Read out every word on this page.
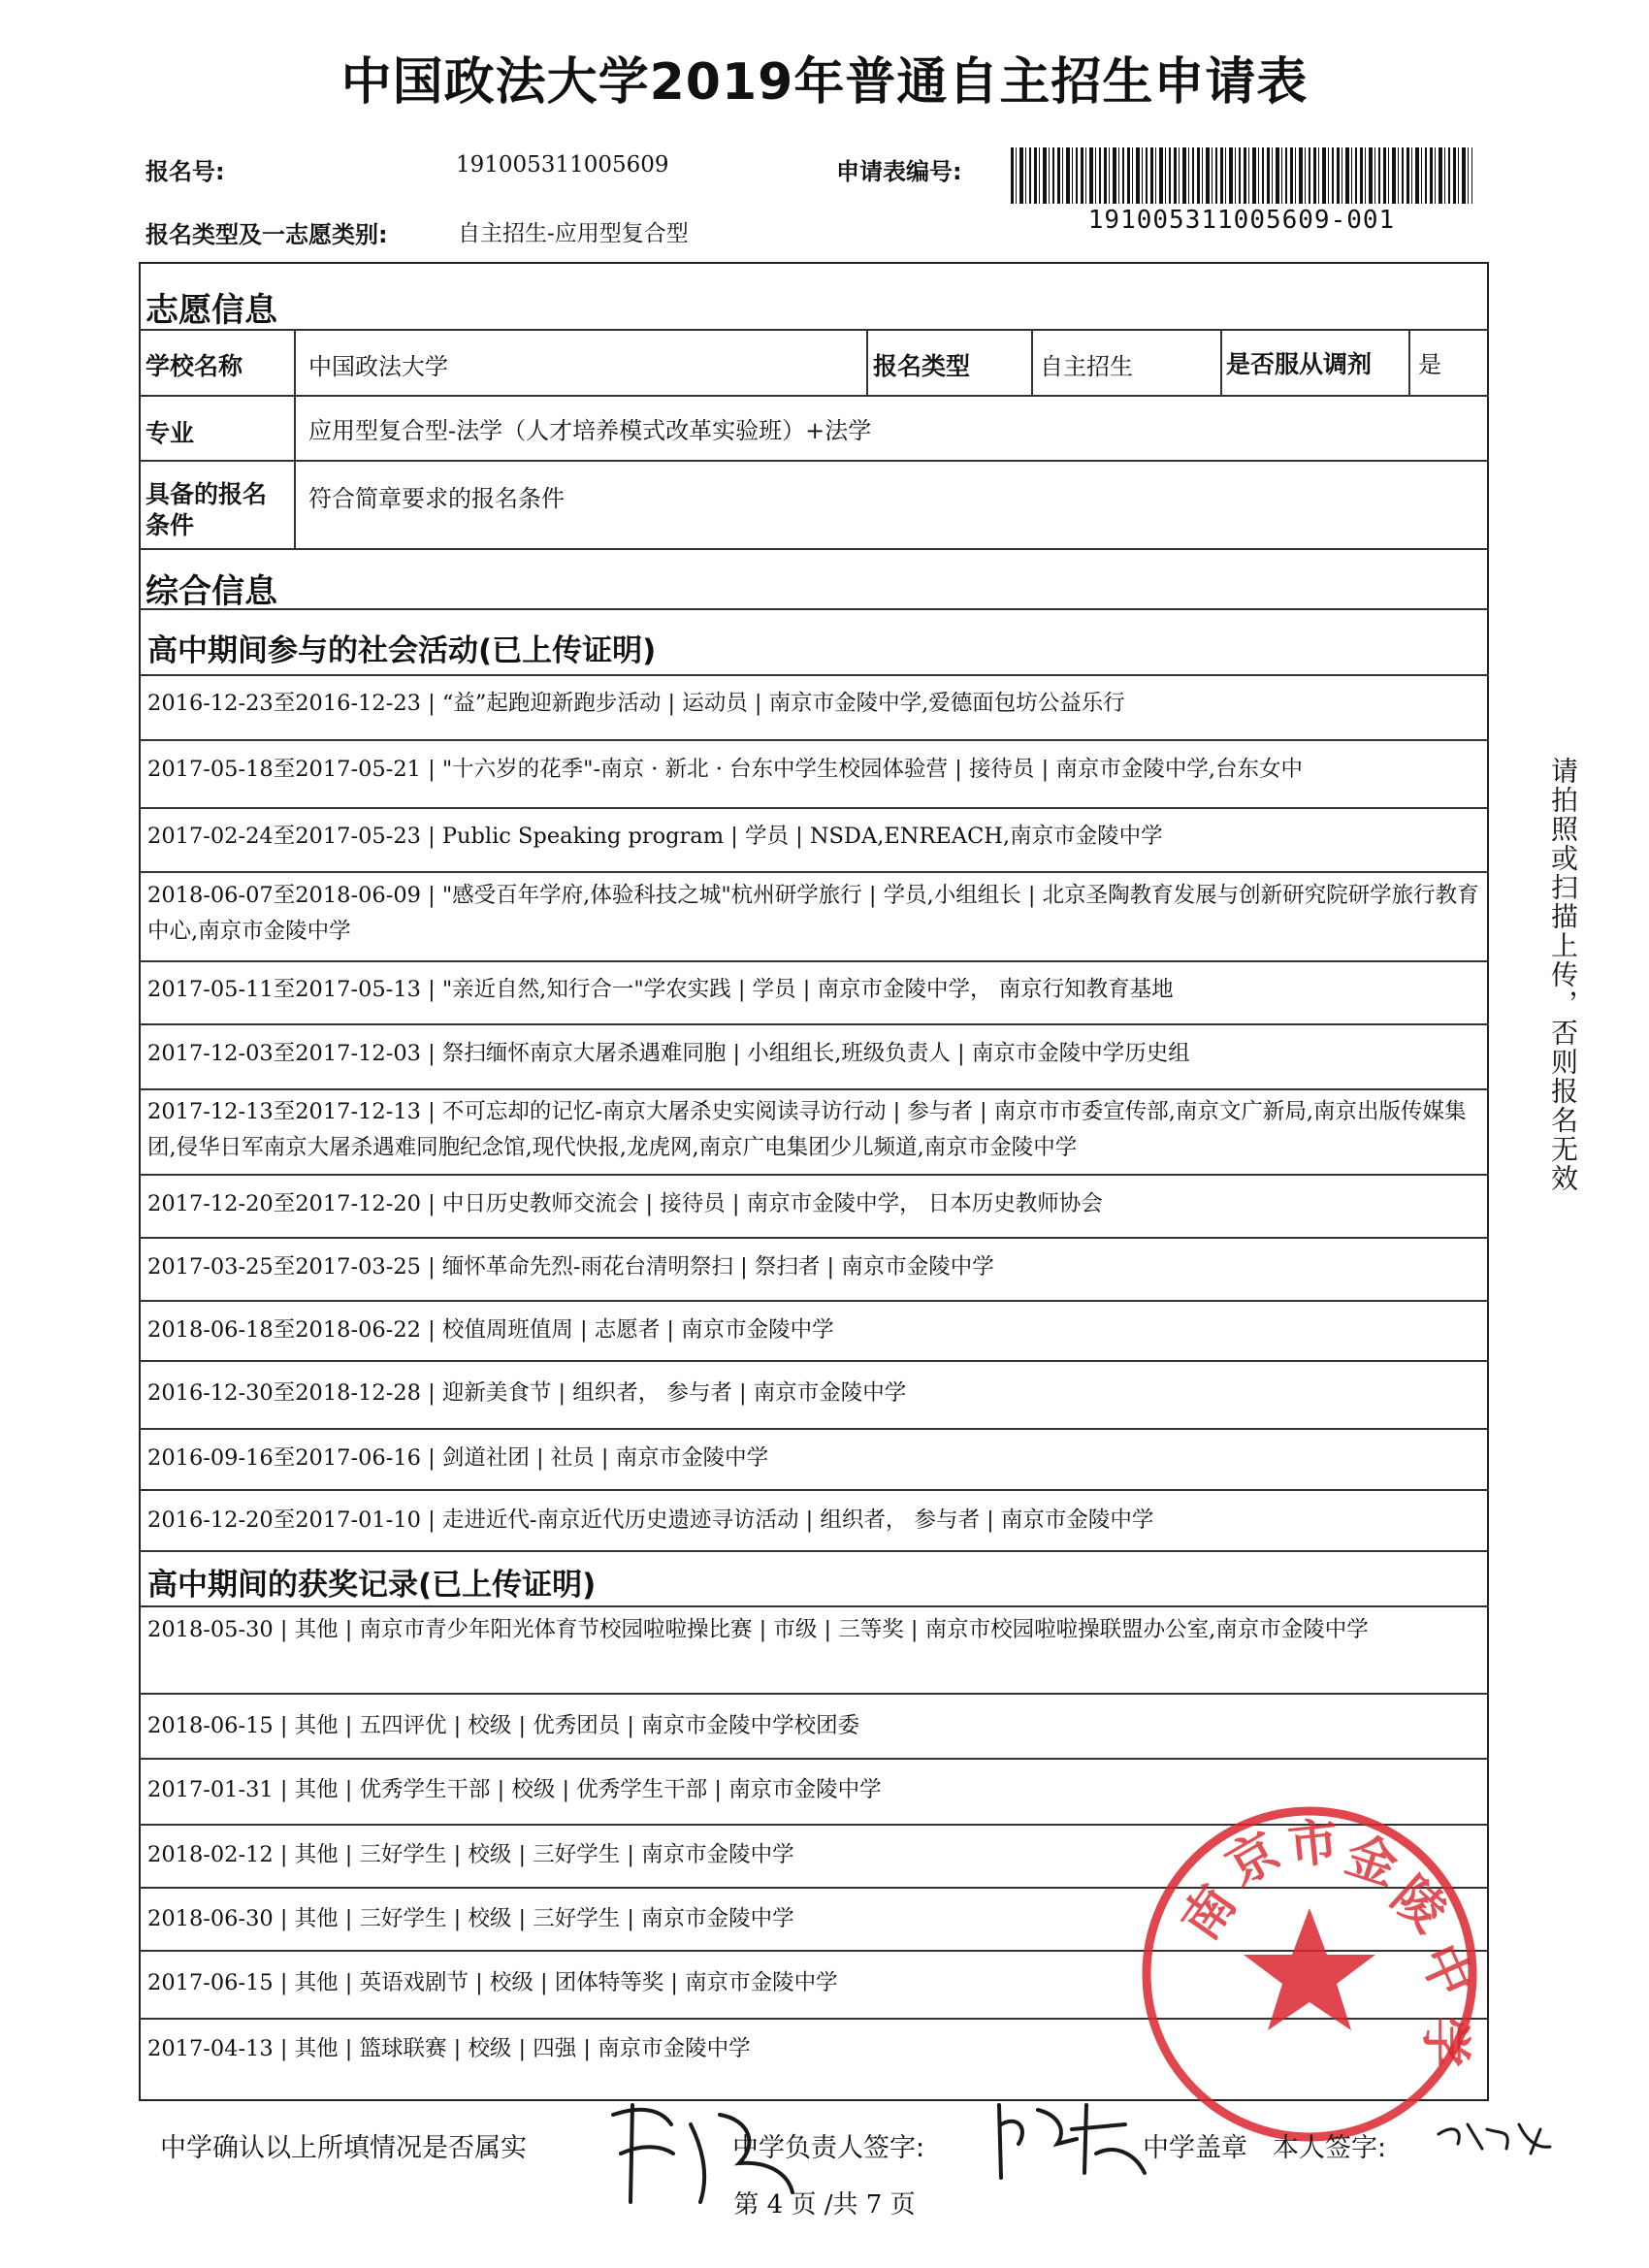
中国政法大学2019年普通自主招生申请表
报名号:	191005311005609	申请表编号:
191005311005609-001
报名类型及一志愿类别:	自主招生-应用型复合型
志愿信息
学校名称	中国政法大学	报名类型	自主招生	是否服从调剂 是
专业	应用型复合型-法学（人才培养模式改革实验班）+法学
具备的报名
条件
符合简章要求的报名条件
综合信息
高中期间参与的社会活动(已上传证明)
2016-12-23至2016-12-23 | “益”起跑迎新跑步活动 | 运动员 | 南京市金陵中学,爱德面包坊公益乐行
2017-05-18至2017-05-21 | "十六岁的花季"-南京 · 新北 · 台东中学生校园体验营 | 接待员 | 南京市金陵中学,台东女中
2017-02-24至2017-05-23 | Public Speaking program | 学员 | NSDA,ENREACH,南京市金陵中学
2018-06-07至2018-06-09 | "感受百年学府,体验科技之城"杭州研学旅行 | 学员,小组组长 | 北京圣陶教育发展与创新研究院研学旅行教育中心,南京市金陵中学
2017-05-11至2017-05-13 | "亲近自然,知行合一"学农实践 | 学员 | 南京市金陵中学， 南京行知教育基地
2017-12-03至2017-12-03 | 祭扫缅怀南京大屠杀遇难同胞 | 小组组长,班级负责人 | 南京市金陵中学历史组
2017-12-13至2017-12-13 | 不可忘却的记忆-南京大屠杀史实阅读寻访行动 | 参与者 | 南京市市委宣传部,南京文广新局,南京出版传媒集团,侵华日军南京大屠杀遇难同胞纪念馆,现代快报,龙虎网,南京广电集团少儿频道,南京市金陵中学
2017-12-20至2017-12-20 | 中日历史教师交流会 | 接待员 | 南京市金陵中学， 日本历史教师协会
2017-03-25至2017-03-25 | 缅怀革命先烈-雨花台清明祭扫 | 祭扫者 | 南京市金陵中学
2018-06-18至2018-06-22 | 校值周班值周 | 志愿者 | 南京市金陵中学
2016-12-30至2018-12-28 | 迎新美食节 | 组织者， 参与者 | 南京市金陵中学
2016-09-16至2017-06-16 | 剑道社团 | 社员 | 南京市金陵中学
2016-12-20至2017-01-10 | 走进近代-南京近代历史遗迹寻访活动 | 组织者， 参与者 | 南京市金陵中学
高中期间的获奖记录(已上传证明)
2018-05-30 | 其他 | 南京市青少年阳光体育节校园啦啦操比赛 | 市级 | 三等奖 | 南京市校园啦啦操联盟办公室,南京市金陵中学
2018-06-15 | 其他 | 五四评优 | 校级 | 优秀团员 | 南京市金陵中学校团委
2017-01-31 | 其他 | 优秀学生干部 | 校级 | 优秀学生干部 | 南京市金陵中学
2018-02-12 | 其他 | 三好学生 | 校级 | 三好学生 | 南京市金陵中学
2018-06-30 | 其他 | 三好学生 | 校级 | 三好学生 | 南京市金陵中学
2017-06-15 | 其他 | 英语戏剧节 | 校级 | 团体特等奖 | 南京市金陵中学
2017-04-13 | 其他 | 篮球联赛 | 校级 | 四强 | 南京市金陵中学
请拍照或扫描上传，否则报名无效
南
京
市
金
陵
中
学
中学确认以上所填情况是否属实	中学负责人签字:	中学盖章 本人签字:
第 4 页 /共 7 页
